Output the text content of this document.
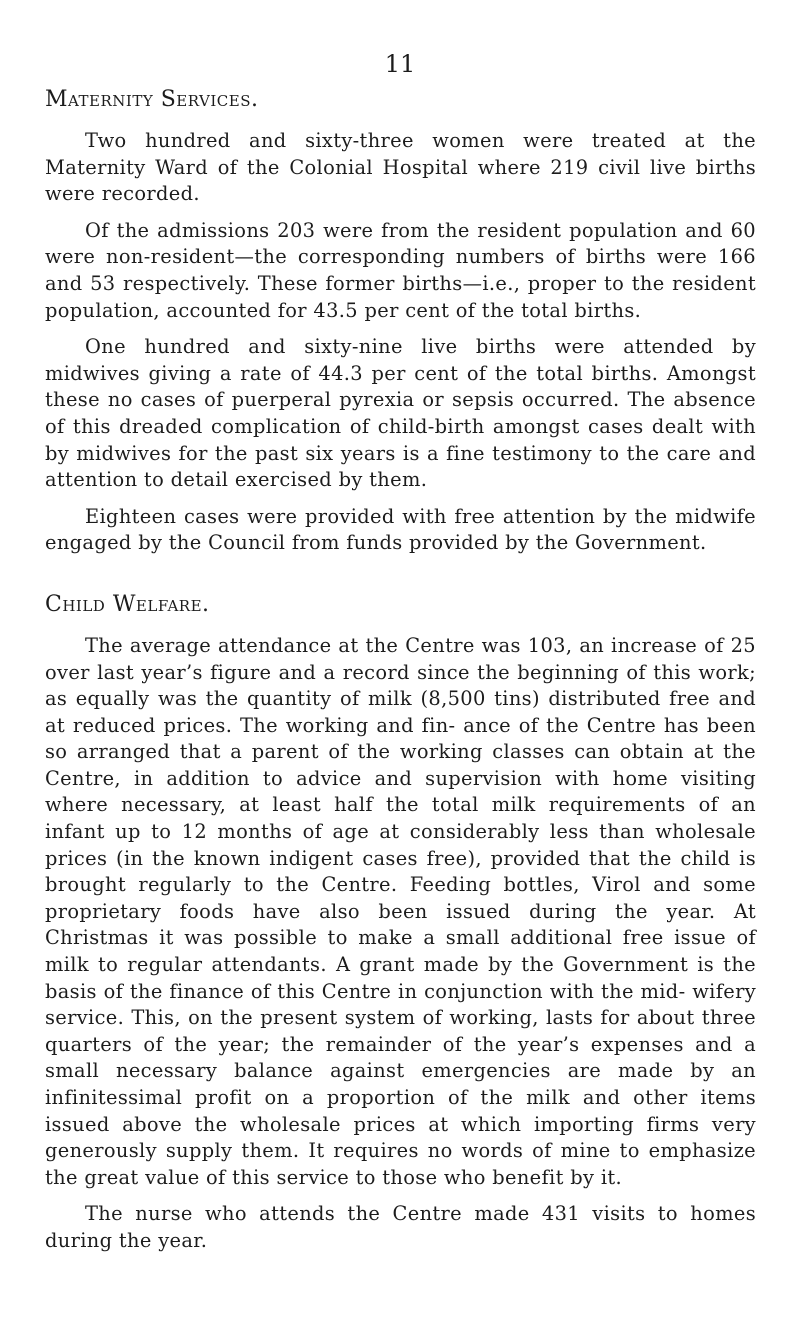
11
Maternity Services.

Two hundred and sixty-three women were treated at the Maternity Ward of the Colonial Hospital where 219 civil live births were recorded.

Of the admissions 203 were from the resident population and 60 were non-resident—the corresponding numbers of births were 166 and 53 respectively. These former births—i.e., proper to the resident population, accounted for 43.5 per cent of the total births.

One hundred and sixty-nine live births were attended by midwives giving a rate of 44.3 per cent of the total births. Amongst these no cases of puerperal pyrexia or sepsis occurred. The absence of this dreaded complication of child-birth amongst cases dealt with by midwives for the past six years is a fine testimony to the care and attention to detail exercised by them.

Eighteen cases were provided with free attention by the midwife engaged by the Council from funds provided by the Government.

Child Welfare.

The average attendance at the Centre was 103, an increase of 25 over last year’s figure and a record since the beginning of this work; as equally was the quantity of milk (8,500 tins) distributed free and at reduced prices. The working and fin- ance of the Centre has been so arranged that a parent of the working classes can obtain at the Centre, in addition to advice and supervision with home visiting where necessary, at least half the total milk requirements of an infant up to 12 months of age at considerably less than wholesale prices (in the known indigent cases free), provided that the child is brought regularly to the Centre. Feeding bottles, Virol and some proprietary foods have also been issued during the year. At Christmas it was possible to make a small additional free issue of milk to regular attendants. A grant made by the Government is the basis of the finance of this Centre in conjunction with the mid- wifery service. This, on the present system of working, lasts for about three quarters of the year; the remainder of the year’s expenses and a small necessary balance against emergencies are made by an infinitessimal profit on a proportion of the milk and other items issued above the wholesale prices at which importing firms very generously supply them. It requires no words of mine to emphasize the great value of this service to those who benefit by it.

The nurse who attends the Centre made 431 visits to homes during the year.
